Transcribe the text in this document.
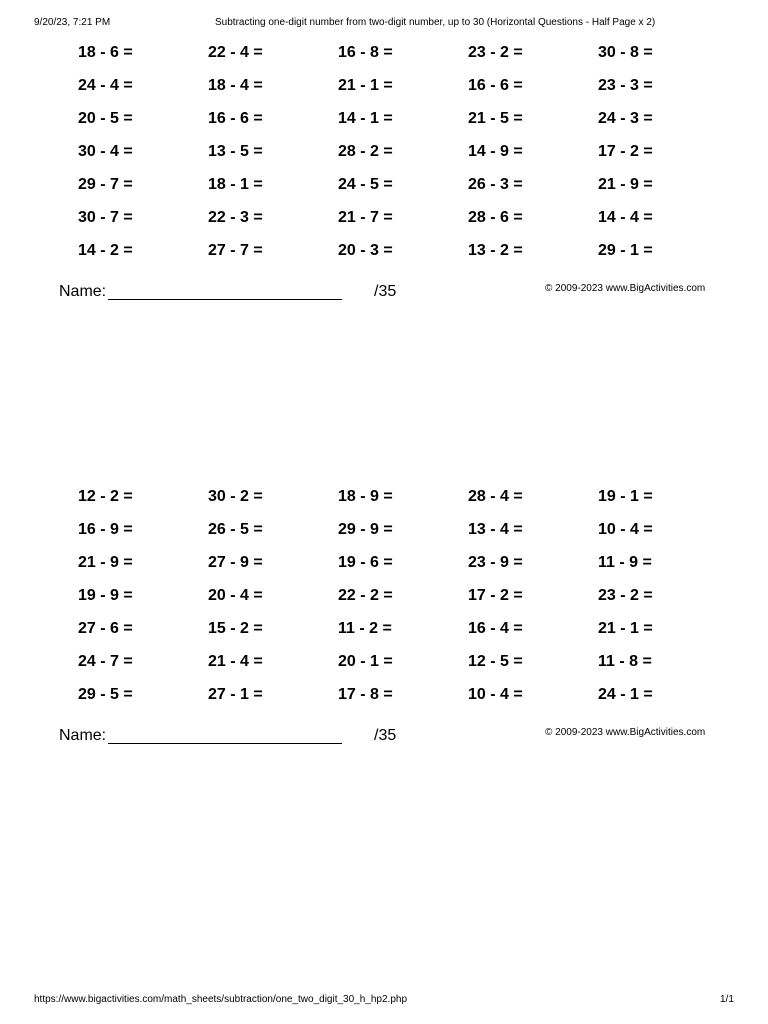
9/20/23, 7:21 PM	Subtracting one-digit number from two-digit number, up to 30 (Horizontal Questions - Half Page x 2)
18 - 6 =	22 - 4 =	16 - 8 =	23 - 2 =	30 - 8 =
24 - 4 =	18 - 4 =	21 - 1 =	16 - 6 =	23 - 3 =
20 - 5 =	16 - 6 =	14 - 1 =	21 - 5 =	24 - 3 =
30 - 4 =	13 - 5 =	28 - 2 =	14 - 9 =	17 - 2 =
29 - 7 =	18 - 1 =	24 - 5 =	26 - 3 =	21 - 9 =
30 - 7 =	22 - 3 =	21 - 7 =	28 - 6 =	14 - 4 =
14 - 2 =	27 - 7 =	20 - 3 =	13 - 2 =	29 - 1 =
Name:	/35	© 2009-2023 www.BigActivities.com
12 - 2 =	30 - 2 =	18 - 9 =	28 - 4 =	19 - 1 =
16 - 9 =	26 - 5 =	29 - 9 =	13 - 4 =	10 - 4 =
21 - 9 =	27 - 9 =	19 - 6 =	23 - 9 =	11 - 9 =
19 - 9 =	20 - 4 =	22 - 2 =	17 - 2 =	23 - 2 =
27 - 6 =	15 - 2 =	11 - 2 =	16 - 4 =	21 - 1 =
24 - 7 =	21 - 4 =	20 - 1 =	12 - 5 =	11 - 8 =
29 - 5 =	27 - 1 =	17 - 8 =	10 - 4 =	24 - 1 =
Name:	/35	© 2009-2023 www.BigActivities.com
https://www.bigactivities.com/math_sheets/subtraction/one_two_digit_30_h_hp2.php	1/1
